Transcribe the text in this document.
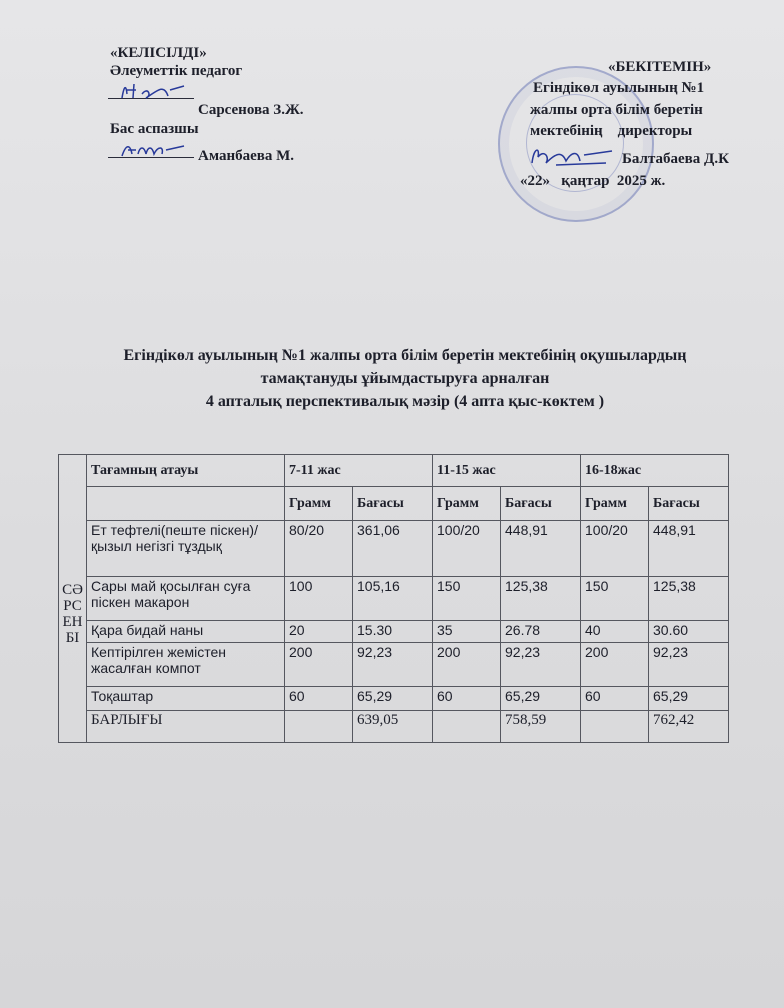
«КЕЛІСІЛДІ»
Әлеуметтік педагог
Сарсенова З.Ж.
Бас аспазшы
Аманбаева М.
«БЕКІТЕМІН»
Егіндікөл ауылының №1
жалпы орта білім беретін
мектебінің    директоры
Балтабаева Д.К
«22»   қаңтар  2025 ж.
Егіндікөл ауылының №1 жалпы орта білім беретін мектебінің оқушылардың
тамақтануды ұйымдастыруға арналған
4 апталық перспективалық мәзір (4 апта қыс-көктем )
	Тағамның атауы	7-11 жас		11-15 жас		16-18жас	
СӘРСЕНБІ		Грамм	Бағасы	Грамм	Бағасы	Грамм	Бағасы
	Ет тефтелі(пеште піскен)/қызыл негізгі тұздық	80/20	361,06	100/20	448,91	100/20	448,91
	Сары май қосылған суға піскен макарон	100	105,16	150	125,38	150	125,38
	Қара бидай наны	20	15.30	35	26.78	40	30.60
	Кептірілген жемістен жасалған компот	200	92,23	200	92,23	200	92,23
	Тоқаштар	60	65,29	60	65,29	60	65,29
	БАРЛЫҒЫ		639,05		758,59		762,42
